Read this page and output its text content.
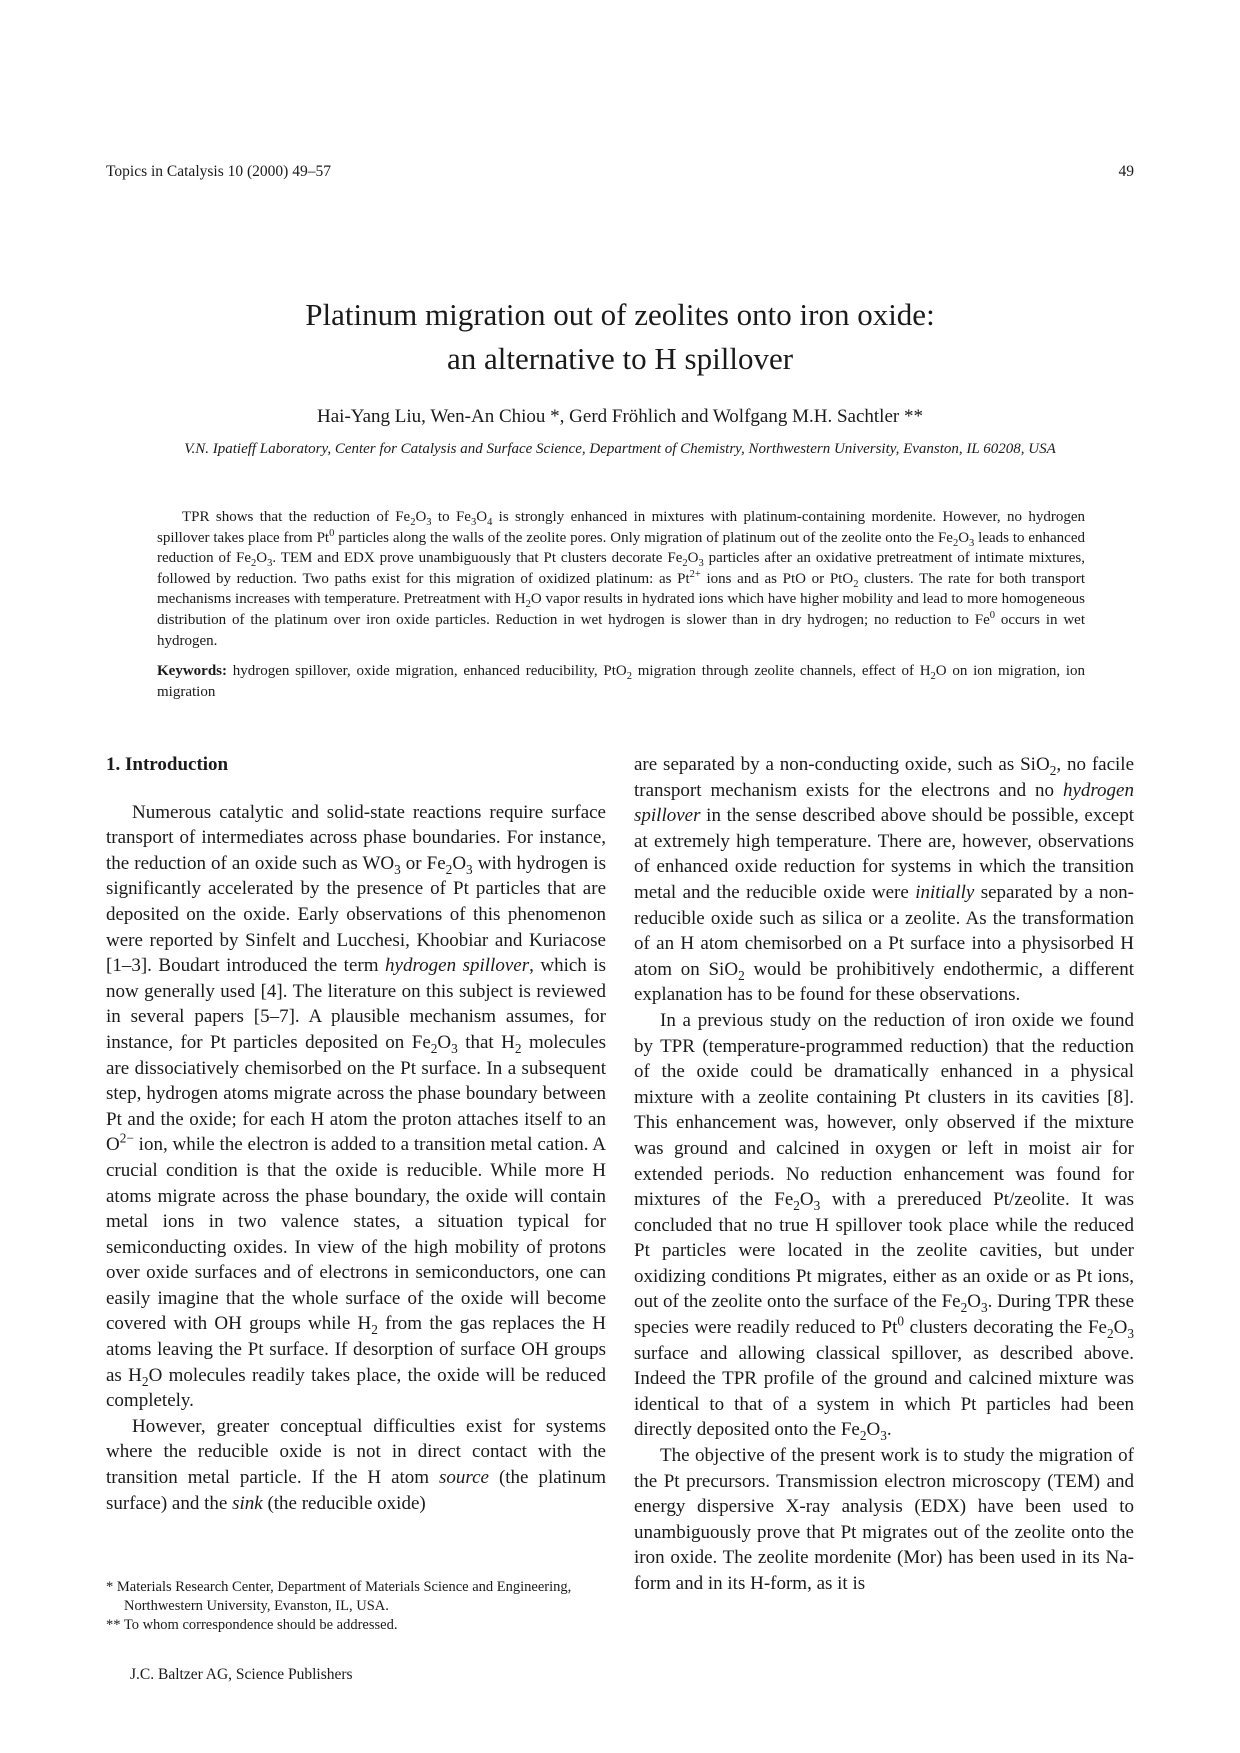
Topics in Catalysis 10 (2000) 49–57	49
Platinum migration out of zeolites onto iron oxide:
an alternative to H spillover
Hai-Yang Liu, Wen-An Chiou *, Gerd Fröhlich and Wolfgang M.H. Sachtler **
V.N. Ipatieff Laboratory, Center for Catalysis and Surface Science, Department of Chemistry, Northwestern University, Evanston, IL 60208, USA

TPR shows that the reduction of $Fe_2O_3$ to $Fe_3O_4$ is strongly enhanced in mixtures with platinum-containing mordenite. However, no hydrogen spillover takes place from Pt$^0$ particles along the walls of the zeolite pores. Only migration of platinum out of the zeolite onto the $Fe_2O_3$ leads to enhanced reduction of $Fe_2O_3$. TEM and EDX prove unambiguously that Pt clusters decorate $Fe_2O_3$ particles after an oxidative pretreatment of intimate mixtures, followed by reduction. Two paths exist for this migration of oxidized platinum: as $Pt^{2+}$ ions and as PtO or PtO$_2$ clusters. The rate for both transport mechanisms increases with temperature. Pretreatment with $H_2O$ vapor results in hydrated ions which have higher mobility and lead to more homogeneous distribution of the platinum over iron oxide particles. Reduction in wet hydrogen is slower than in dry hydrogen; no reduction to Fe$^0$ occurs in wet hydrogen.

Keywords: hydrogen spillover, oxide migration, enhanced reducibility, PtO$_2$ migration through zeolite channels, effect of $H_2O$ on ion migration, ion migration
1. Introduction

Numerous catalytic and solid-state reactions require surface transport of intermediates across phase boundaries. For instance, the reduction of an oxide such as $WO_3$ or $Fe_2O_3$ with hydrogen is significantly accelerated by the presence of Pt particles that are deposited on the oxide. Early observations of this phenomenon were reported by Sinfelt and Lucchesi, Khoobiar and Kuriacose [1–3]. Boudart introduced the term hydrogen spillover, which is now generally used [4]. The literature on this subject is reviewed in several papers [5–7]. A plausible mechanism assumes, for instance, for Pt particles deposited on $Fe_2O_3$ that $H_2$ molecules are dissociatively chemisorbed on the Pt surface. In a subsequent step, hydrogen atoms migrate across the phase boundary between Pt and the oxide; for each H atom the proton attaches itself to an $O^{2-}$ ion, while the electron is added to a transition metal cation. A crucial condition is that the oxide is reducible. While more H atoms migrate across the phase boundary, the oxide will contain metal ions in two valence states, a situation typical for semiconducting oxides. In view of the high mobility of protons over oxide surfaces and of electrons in semiconductors, one can easily imagine that the whole surface of the oxide will become covered with OH groups while $H_2$ from the gas replaces the H atoms leaving the Pt surface. If desorption of surface OH groups as $H_2O$ molecules readily takes place, the oxide will be reduced completely.

However, greater conceptual difficulties exist for systems where the reducible oxide is not in direct contact with the transition metal particle. If the H atom source (the platinum surface) and the sink (the reducible oxide)

are separated by a non-conducting oxide, such as SiO$_2$, no facile transport mechanism exists for the electrons and no hydrogen spillover in the sense described above should be possible, except at extremely high temperature. There are, however, observations of enhanced oxide reduction for systems in which the transition metal and the reducible oxide were initially separated by a non-reducible oxide such as silica or a zeolite. As the transformation of an H atom chemisorbed on a Pt surface into a physisorbed H atom on SiO$_2$ would be prohibitively endothermic, a different explanation has to be found for these observations.

In a previous study on the reduction of iron oxide we found by TPR (temperature-programmed reduction) that the reduction of the oxide could be dramatically enhanced in a physical mixture with a zeolite containing Pt clusters in its cavities [8]. This enhancement was, however, only observed if the mixture was ground and calcined in oxygen or left in moist air for extended periods. No reduction enhancement was found for mixtures of the $Fe_2O_3$ with a prereduced Pt/zeolite. It was concluded that no true H spillover took place while the reduced Pt particles were located in the zeolite cavities, but under oxidizing conditions Pt migrates, either as an oxide or as Pt ions, out of the zeolite onto the surface of the $Fe_2O_3$. During TPR these species were readily reduced to Pt$^0$ clusters decorating the $Fe_2O_3$ surface and allowing classical spillover, as described above. Indeed the TPR profile of the ground and calcined mixture was identical to that of a system in which Pt particles had been directly deposited onto the $Fe_2O_3$.

The objective of the present work is to study the migration of the Pt precursors. Transmission electron microscopy (TEM) and energy dispersive X-ray analysis (EDX) have been used to unambiguously prove that Pt migrates out of the zeolite onto the iron oxide. The zeolite mordenite (Mor) has been used in its Na-form and in its H-form, as it is

* Materials Research Center, Department of Materials Science and Engineering, Northwestern University, Evanston, IL, USA.

** To whom correspondence should be addressed.

J.C. Baltzer AG, Science Publishers
